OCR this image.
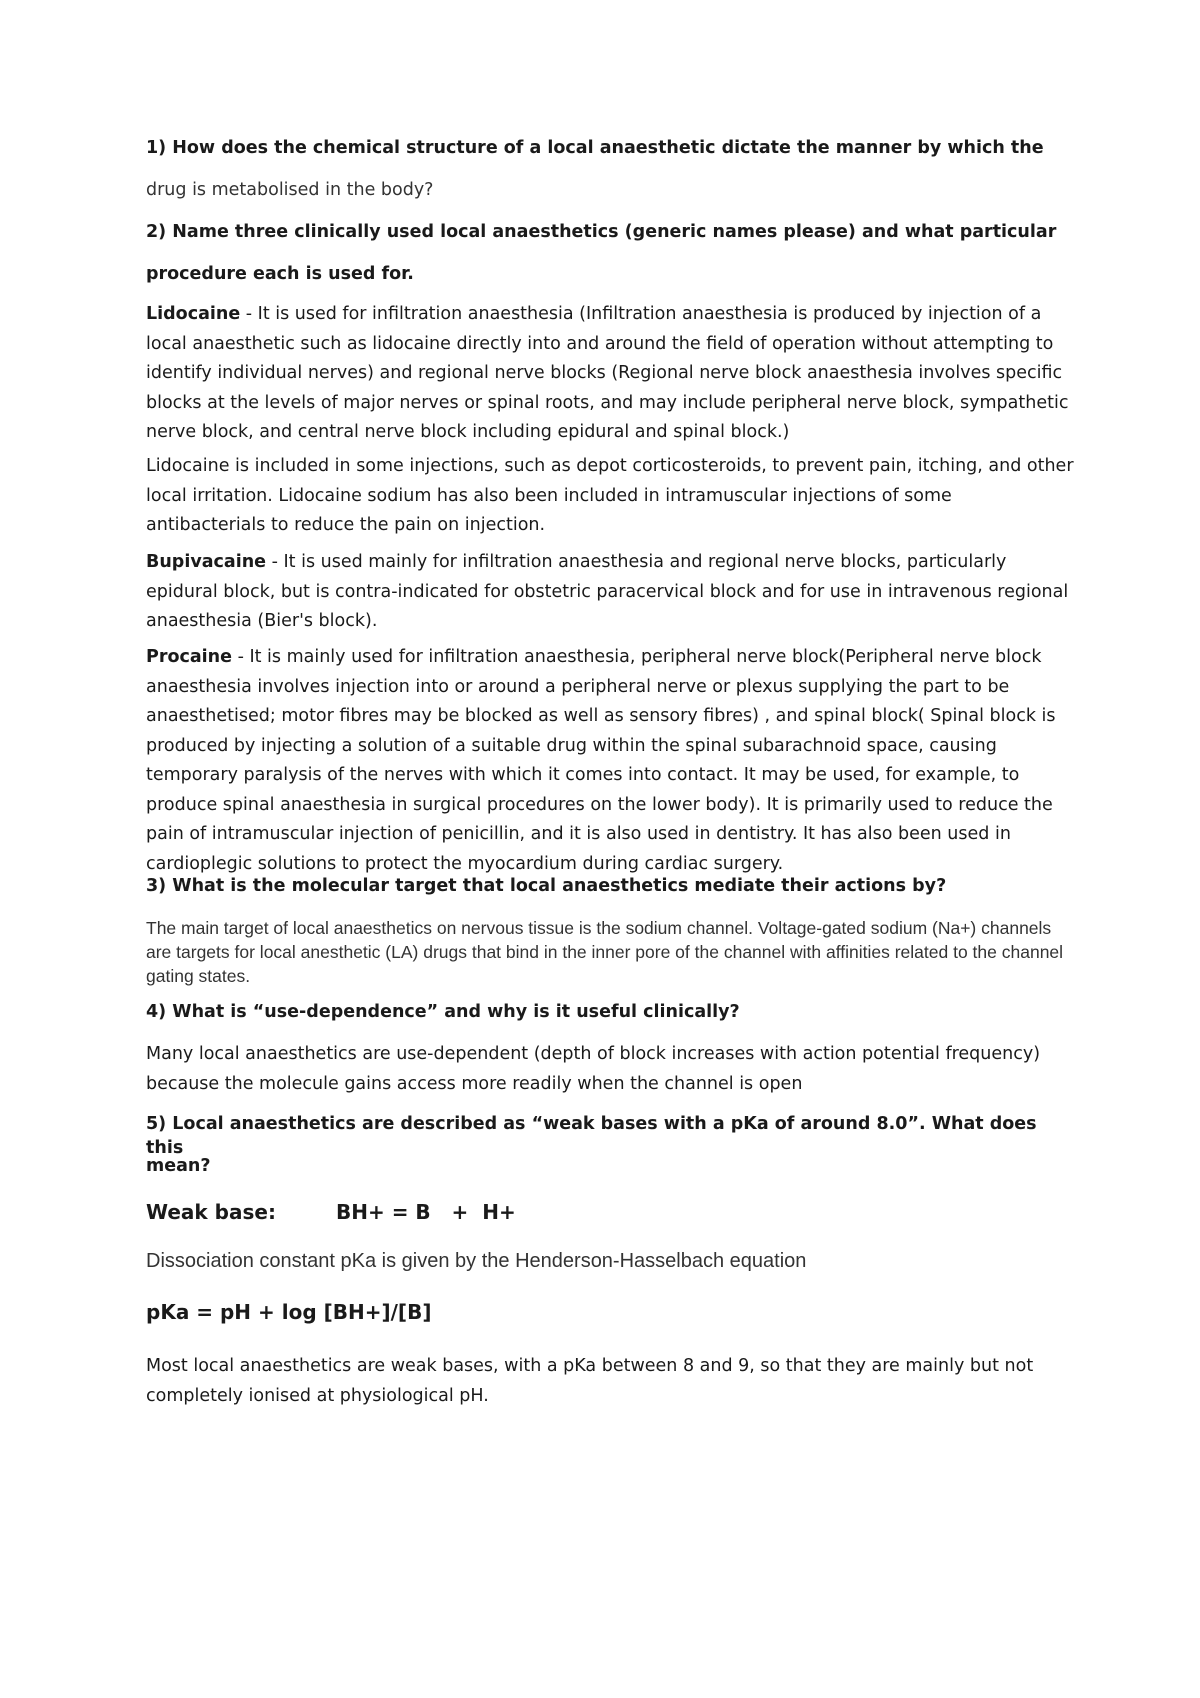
1) How does the chemical structure of a local anaesthetic dictate the manner by which the

drug is metabolised in the body?

2) Name three clinically used local anaesthetics (generic names please) and what particular

procedure each is used for.

Lidocaine - It is used for infiltration anaesthesia (Infiltration anaesthesia is produced by injection of a local anaesthetic such as lidocaine directly into and around the field of operation without attempting to identify individual nerves) and regional nerve blocks (Regional nerve block anaesthesia involves specific blocks at the levels of major nerves or spinal roots, and may include peripheral nerve block, sympathetic nerve block, and central nerve block including epidural and spinal block.)

Lidocaine is included in some injections, such as depot corticosteroids, to prevent pain, itching, and other local irritation. Lidocaine sodium has also been included in intramuscular injections of some antibacterials to reduce the pain on injection.

Bupivacaine - It is used mainly for infiltration anaesthesia and regional nerve blocks, particularly epidural block, but is contra-indicated for obstetric paracervical block and for use in intravenous regional anaesthesia (Bier's block).

Procaine - It is mainly used for infiltration anaesthesia, peripheral nerve block(Peripheral nerve block anaesthesia involves injection into or around a peripheral nerve or plexus supplying the part to be anaesthetised; motor fibres may be blocked as well as sensory fibres) , and spinal block( Spinal block is produced by injecting a solution of a suitable drug within the spinal subarachnoid space, causing temporary paralysis of the nerves with which it comes into contact. It may be used, for example, to produce spinal anaesthesia in surgical procedures on the lower body). It is primarily used to reduce the pain of intramuscular injection of penicillin, and it is also used in dentistry. It has also been used in cardioplegic solutions to protect the myocardium during cardiac surgery.

3) What is the molecular target that local anaesthetics mediate their actions by?

The main target of local anaesthetics on nervous tissue is the sodium channel. Voltage-gated sodium (Na+) channels are targets for local anesthetic (LA) drugs that bind in the inner pore of the channel with affinities related to the channel gating states.

4) What is “use-dependence” and why is it useful clinically?

Many local anaesthetics are use-dependent (depth of block increases with action potential frequency) because the molecule gains access more readily when the channel is open

5) Local anaesthetics are described as “weak bases with a pKa of around 8.0”. What does this

mean?

Weak base:	BH+ = B   +  H+

Dissociation constant pKa is given by the Henderson-Hasselbach equation

pKa = pH + log [BH+]/[B]

Most local anaesthetics are weak bases, with a pKa between 8 and 9, so that they are mainly but not completely ionised at physiological pH.
